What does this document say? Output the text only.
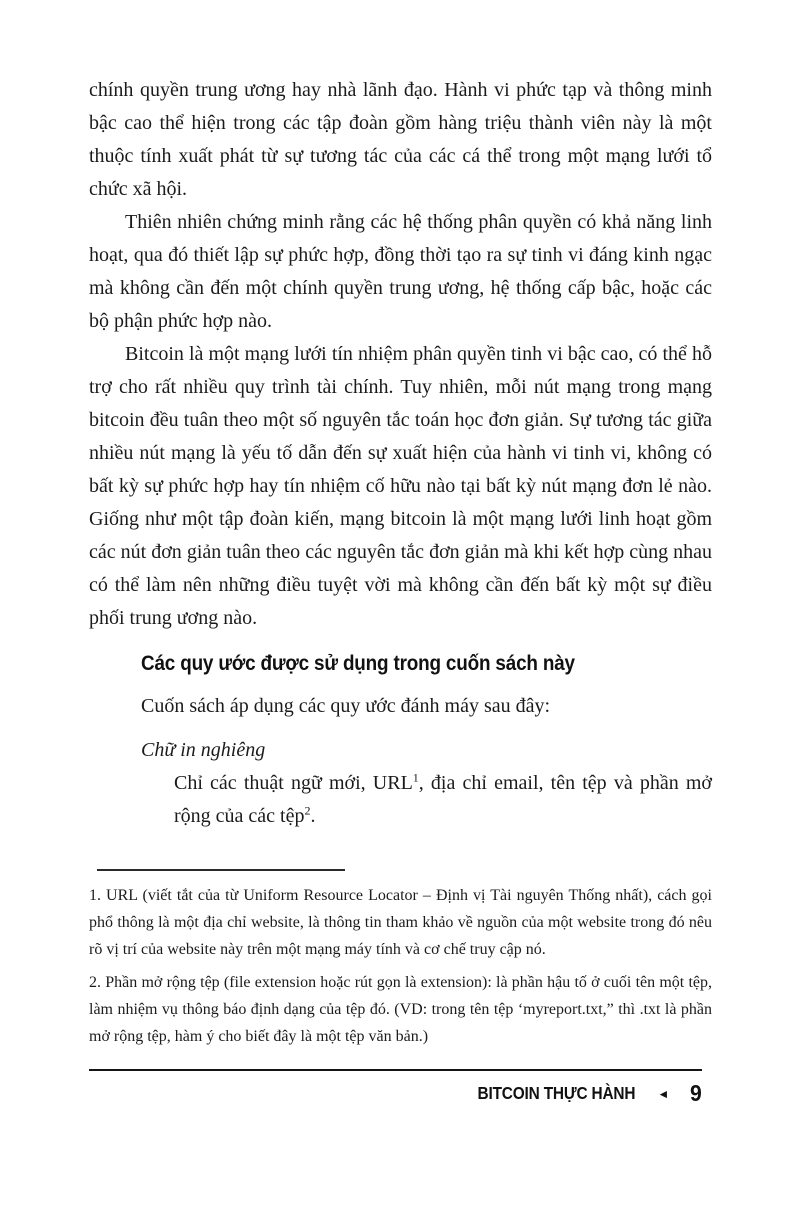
chính quyền trung ương hay nhà lãnh đạo. Hành vi phức tạp và thông minh bậc cao thể hiện trong các tập đoàn gồm hàng triệu thành viên này là một thuộc tính xuất phát từ sự tương tác của các cá thể trong một mạng lưới tổ chức xã hội.

Thiên nhiên chứng minh rằng các hệ thống phân quyền có khả năng linh hoạt, qua đó thiết lập sự phức hợp, đồng thời tạo ra sự tinh vi đáng kinh ngạc mà không cần đến một chính quyền trung ương, hệ thống cấp bậc, hoặc các bộ phận phức hợp nào.

Bitcoin là một mạng lưới tín nhiệm phân quyền tinh vi bậc cao, có thể hỗ trợ cho rất nhiều quy trình tài chính. Tuy nhiên, mỗi nút mạng trong mạng bitcoin đều tuân theo một số nguyên tắc toán học đơn giản. Sự tương tác giữa nhiều nút mạng là yếu tố dẫn đến sự xuất hiện của hành vi tinh vi, không có bất kỳ sự phức hợp hay tín nhiệm cố hữu nào tại bất kỳ nút mạng đơn lẻ nào. Giống như một tập đoàn kiến, mạng bitcoin là một mạng lưới linh hoạt gồm các nút đơn giản tuân theo các nguyên tắc đơn giản mà khi kết hợp cùng nhau có thể làm nên những điều tuyệt vời mà không cần đến bất kỳ một sự điều phối trung ương nào.

Các quy ước được sử dụng trong cuốn sách này

Cuốn sách áp dụng các quy ước đánh máy sau đây:

Chữ in nghiêng

Chỉ các thuật ngữ mới, URL$^1$, địa chỉ email, tên tệp và phần mở rộng của các tệp$^2$.

1. URL (viết tắt của từ Uniform Resource Locator – Định vị Tài nguyên Thống nhất), cách gọi phổ thông là một địa chỉ website, là thông tin tham khảo về nguồn của một website trong đó nêu rõ vị trí của website này trên một mạng máy tính và cơ chế truy cập nó.

2. Phần mở rộng tệp (file extension hoặc rút gọn là extension): là phần hậu tố ở cuối tên một tệp, làm nhiệm vụ thông báo định dạng của tệp đó. (VD: trong tên tệp ‘myreport.txt,” thì .txt là phần mở rộng tệp, hàm ý cho biết đây là một tệp văn bản.)

BITCOIN THỰC HÀNH ◄ 9
